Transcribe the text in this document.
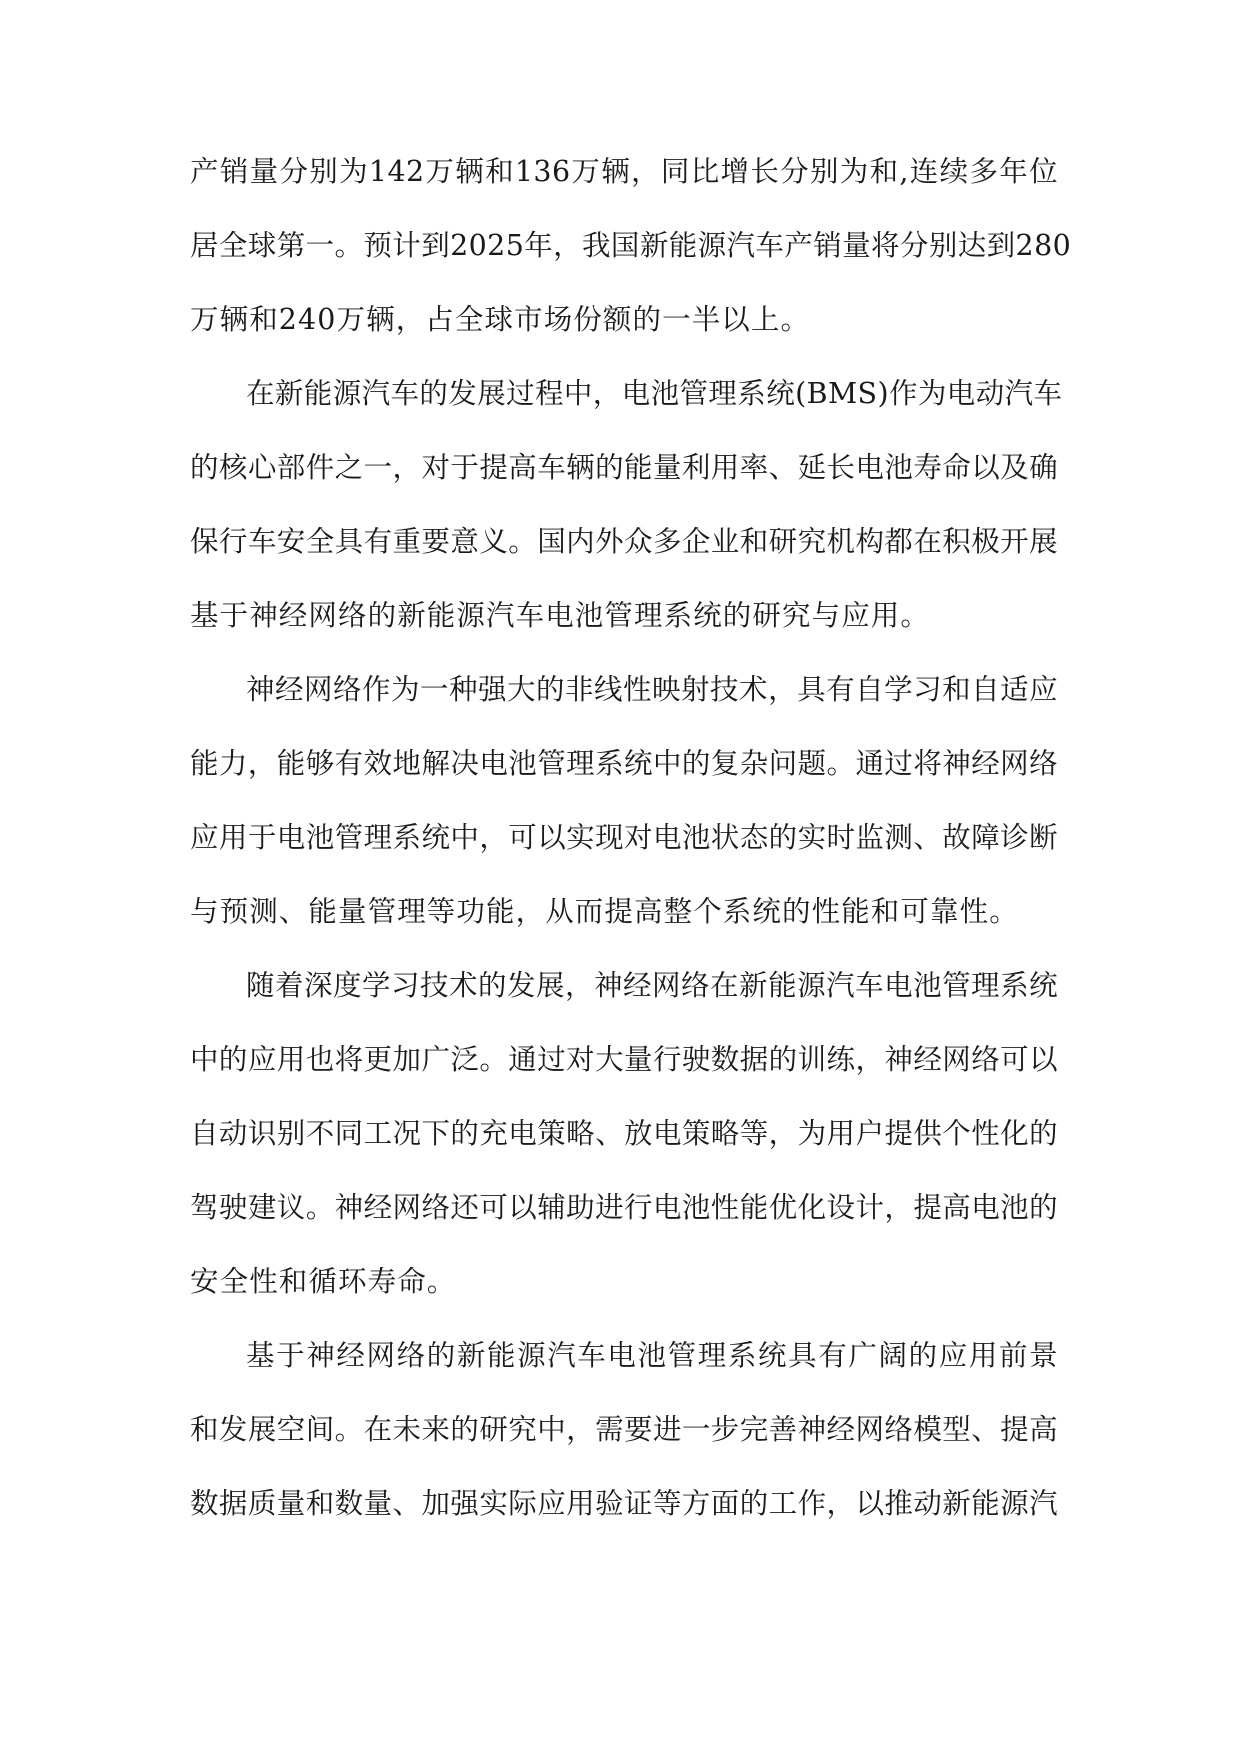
产销量分别为142万辆和136万辆，同比增长分别为和,连续多年位

居全球第一。预计到2025年，我国新能源汽车产销量将分别达到280

万辆和240万辆，占全球市场份额的一半以上。

在新能源汽车的发展过程中，电池管理系统(BMS)作为电动汽车

的核心部件之一，对于提高车辆的能量利用率、延长电池寿命以及确

保行车安全具有重要意义。国内外众多企业和研究机构都在积极开展

基于神经网络的新能源汽车电池管理系统的研究与应用。

神经网络作为一种强大的非线性映射技术，具有自学习和自适应

能力，能够有效地解决电池管理系统中的复杂问题。通过将神经网络

应用于电池管理系统中，可以实现对电池状态的实时监测、故障诊断

与预测、能量管理等功能，从而提高整个系统的性能和可靠性。

随着深度学习技术的发展，神经网络在新能源汽车电池管理系统

中的应用也将更加广泛。通过对大量行驶数据的训练，神经网络可以

自动识别不同工况下的充电策略、放电策略等，为用户提供个性化的

驾驶建议。神经网络还可以辅助进行电池性能优化设计，提高电池的

安全性和循环寿命。

基于神经网络的新能源汽车电池管理系统具有广阔的应用前景

和发展空间。在未来的研究中，需要进一步完善神经网络模型、提高

数据质量和数量、加强实际应用验证等方面的工作，以推动新能源汽
